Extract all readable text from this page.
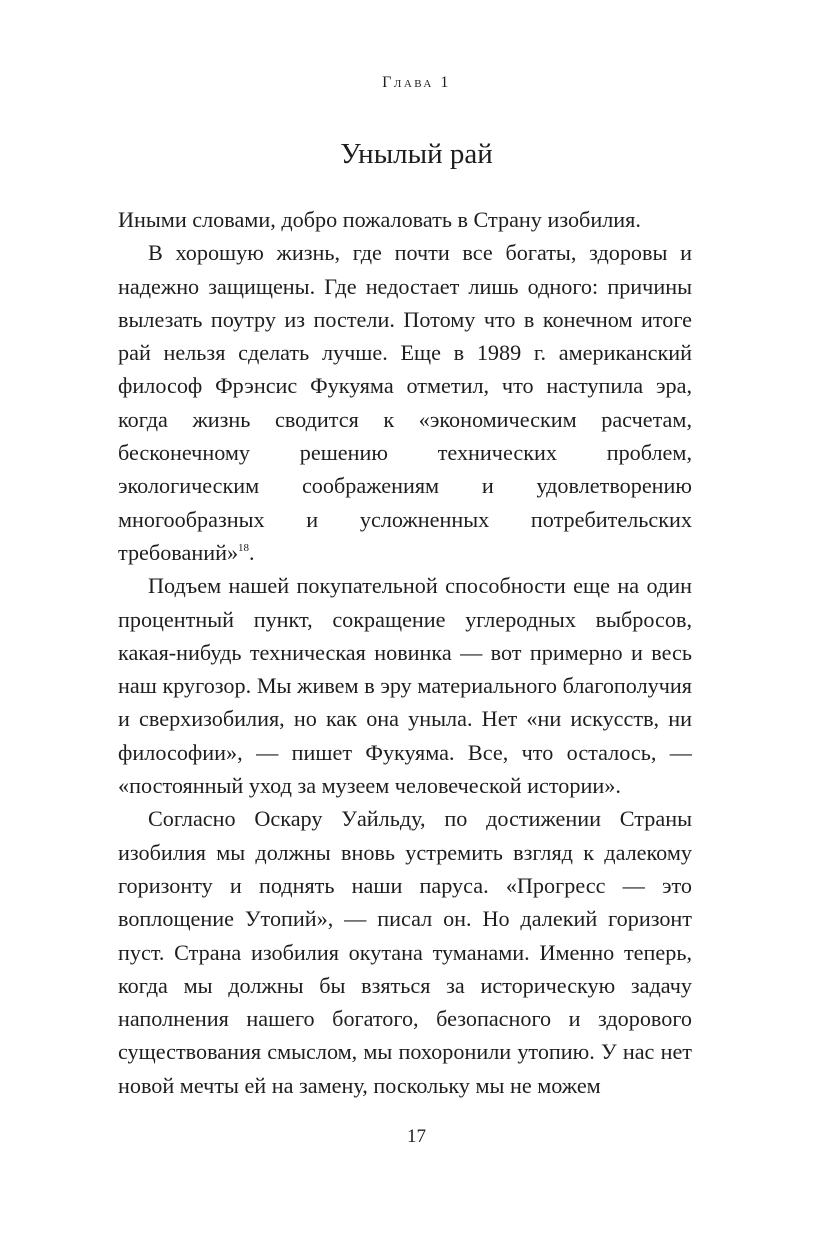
Глава 1
Унылый рай

Иными словами, добро пожаловать в Страну изобилия.

В хорошую жизнь, где почти все богаты, здоровы и надежно защищены. Где недостает лишь одного: причины вылезать поутру из постели. Потому что в конечном итоге рай нельзя сделать лучше. Еще в 1989 г. американский философ Фрэнсис Фукуяма отметил, что наступила эра, когда жизнь сводится к «экономическим расчетам, бесконечному решению технических проблем, экологическим соображениям и удовлетворению многообразных и усложненных потребительских требований»$^{18}$.

Подъем нашей покупательной способности еще на один процентный пункт, сокращение углеродных выбросов, какая-нибудь техническая новинка — вот примерно и весь наш кругозор. Мы живем в эру материального благополучия и сверхизобилия, но как она уныла. Нет «ни искусств, ни философии», — пишет Фукуяма. Все, что осталось, — «постоянный уход за музеем человеческой истории».

Согласно Оскару Уайльду, по достижении Страны изобилия мы должны вновь устремить взгляд к далекому горизонту и поднять наши паруса. «Прогресс — это воплощение Утопий», — писал он. Но далекий горизонт пуст. Страна изобилия окутана туманами. Именно теперь, когда мы должны бы взяться за историческую задачу наполнения нашего богатого, безопасного и здорового существования смыслом, мы похоронили утопию. У нас нет новой мечты ей на замену, поскольку мы не можем

17
